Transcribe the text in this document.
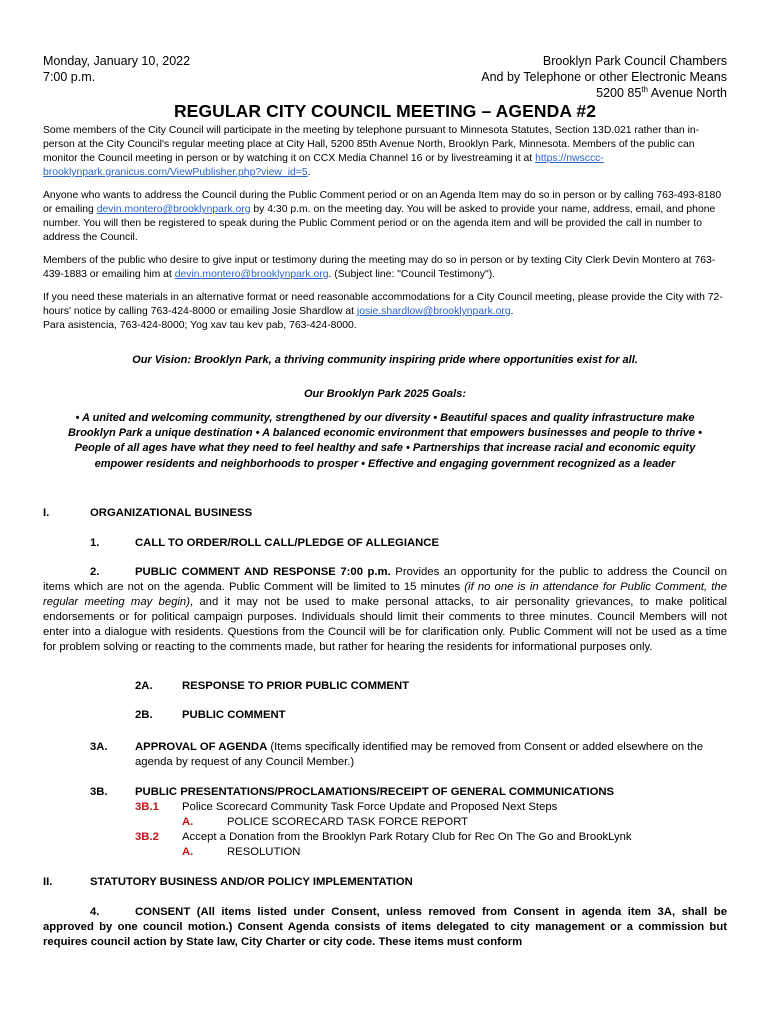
Monday, January 10, 2022
7:00 p.m.
Brooklyn Park Council Chambers
And by Telephone or other Electronic Means
5200 85th Avenue North
REGULAR CITY COUNCIL MEETING – AGENDA #2

Some members of the City Council will participate in the meeting by telephone pursuant to Minnesota Statutes, Section 13D.021 rather than in-person at the City Council's regular meeting place at City Hall, 5200 85th Avenue North, Brooklyn Park, Minnesota. Members of the public can monitor the Council meeting in person or by watching it on CCX Media Channel 16 or by livestreaming it at https://nwsccc-brooklynpark.granicus.com/ViewPublisher.php?view_id=5.

Anyone who wants to address the Council during the Public Comment period or on an Agenda Item may do so in person or by calling 763-493-8180 or emailing devin.montero@brooklynpark.org by 4:30 p.m. on the meeting day. You will be asked to provide your name, address, email, and phone number. You will then be registered to speak during the Public Comment period or on the agenda item and will be provided the call in number to address the Council.

Members of the public who desire to give input or testimony during the meeting may do so in person or by texting City Clerk Devin Montero at 763-439-1883 or emailing him at devin.montero@brooklynpark.org. (Subject line: "Council Testimony").

If you need these materials in an alternative format or need reasonable accommodations for a City Council meeting, please provide the City with 72-hours' notice by calling 763-424-8000 or emailing Josie Shardlow at josie.shardlow@brooklynpark.org.
Para asistencia, 763-424-8000; Yog xav tau kev pab, 763-424-8000.

Our Vision: Brooklyn Park, a thriving community inspiring pride where opportunities exist for all.
Our Brooklyn Park 2025 Goals:
• A united and welcoming community, strengthened by our diversity • Beautiful spaces and quality infrastructure make Brooklyn Park a unique destination • A balanced economic environment that empowers businesses and people to thrive • People of all ages have what they need to feel healthy and safe • Partnerships that increase racial and economic equity empower residents and neighborhoods to prosper • Effective and engaging government recognized as a leader
I.	ORGANIZATIONAL BUSINESS
1.	CALL TO ORDER/ROLL CALL/PLEDGE OF ALLEGIANCE
2.	PUBLIC COMMENT AND RESPONSE 7:00 p.m. Provides an opportunity for the public to address the Council on items which are not on the agenda. Public Comment will be limited to 15 minutes (if no one is in attendance for Public Comment, the regular meeting may begin), and it may not be used to make personal attacks, to air personality grievances, to make political endorsements or for political campaign purposes. Individuals should limit their comments to three minutes. Council Members will not enter into a dialogue with residents. Questions from the Council will be for clarification only. Public Comment will not be used as a time for problem solving or reacting to the comments made, but rather for hearing the residents for informational purposes only.
2A.	RESPONSE TO PRIOR PUBLIC COMMENT
2B.	PUBLIC COMMENT
3A. APPROVAL OF AGENDA (Items specifically identified may be removed from Consent or added elsewhere on the agenda by request of any Council Member.)
3B. PUBLIC PRESENTATIONS/PROCLAMATIONS/RECEIPT OF GENERAL COMMUNICATIONS
3B.1 Police Scorecard Community Task Force Update and Proposed Next Steps
A.	POLICE SCORECARD TASK FORCE REPORT
3B.2 Accept a Donation from the Brooklyn Park Rotary Club for Rec On The Go and BrookLynk
A.	RESOLUTION
II.	STATUTORY BUSINESS AND/OR POLICY IMPLEMENTATION
4.	CONSENT (All items listed under Consent, unless removed from Consent in agenda item 3A, shall be approved by one council motion.) Consent Agenda consists of items delegated to city management or a commission but requires council action by State law, City Charter or city code. These items must conform
